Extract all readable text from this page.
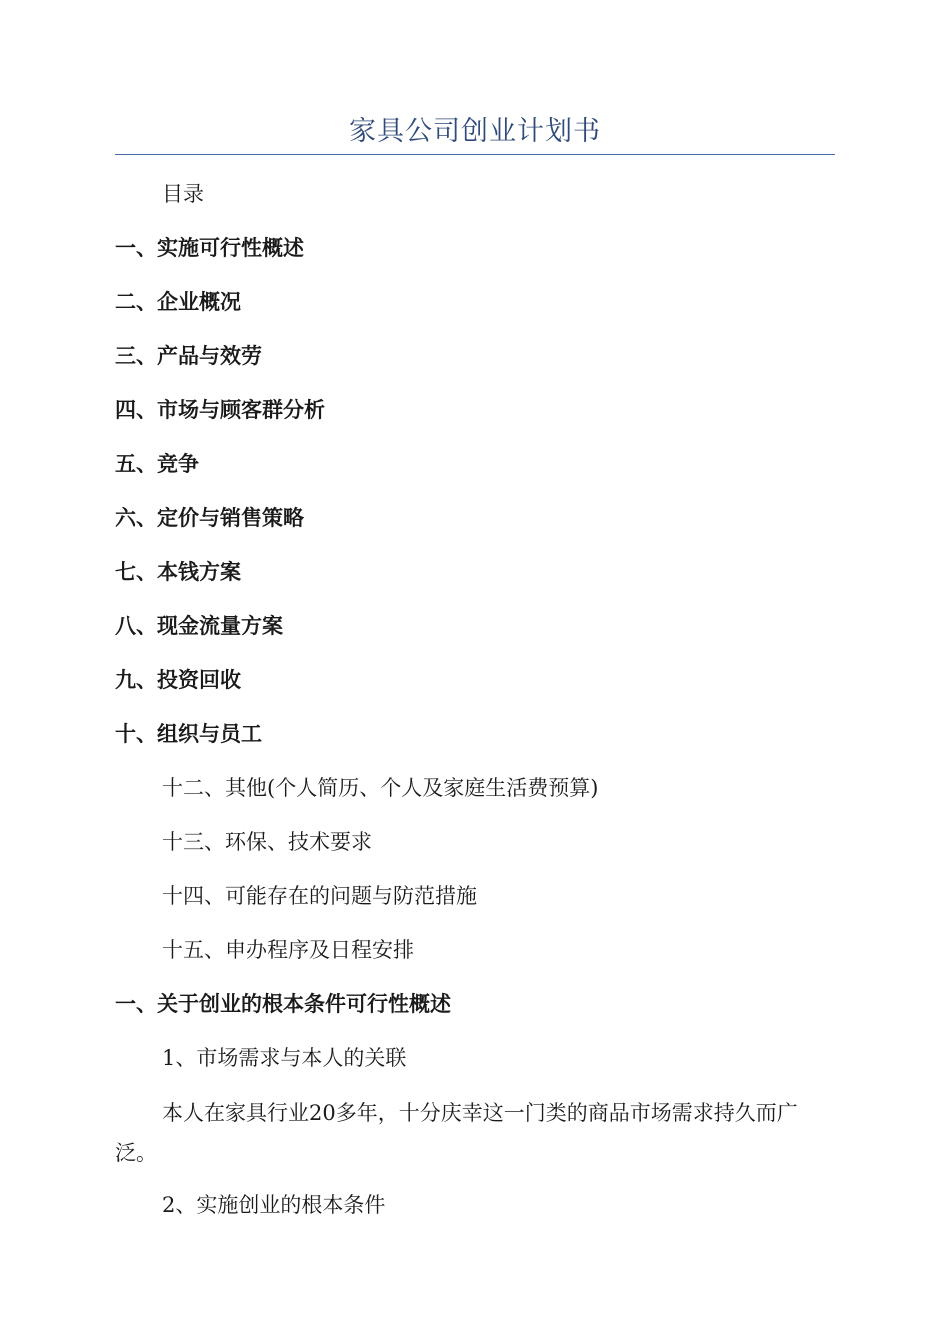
家具公司创业计划书
目录
一、实施可行性概述
二、企业概况
三、产品与效劳
四、市场与顾客群分析
五、竞争
六、定价与销售策略
七、本钱方案
八、现金流量方案
九、投资回收
十、组织与员工
十二、其他(个人简历、个人及家庭生活费预算)
十三、环保、技术要求
十四、可能存在的问题与防范措施
十五、申办程序及日程安排
一、关于创业的根本条件可行性概述
1、市场需求与本人的关联
本人在家具行业20多年，十分庆幸这一门类的商品市场需求持久而广泛。
2、实施创业的根本条件
